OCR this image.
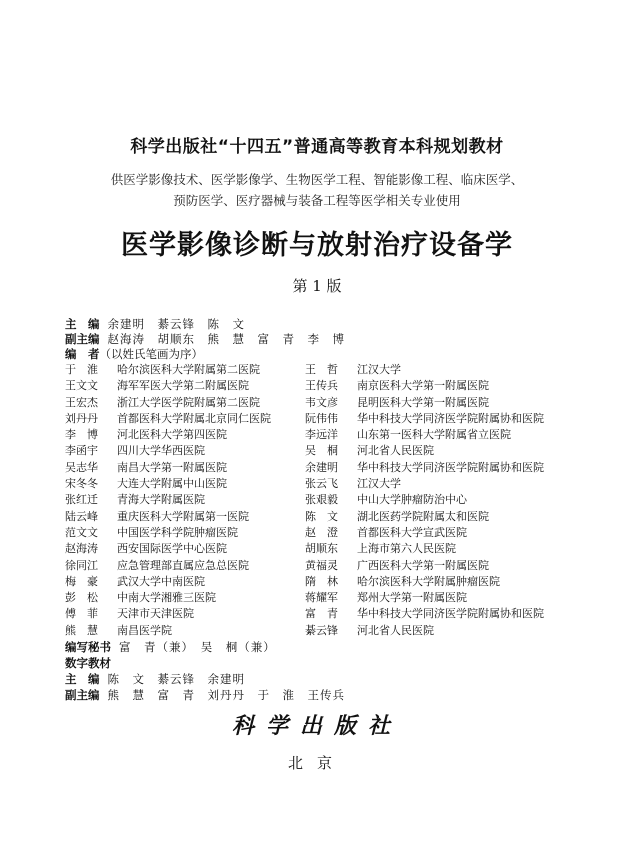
科学出版社“十四五”普通高等教育本科规划教材
供医学影像技术、医学影像学、生物医学工程、智能影像工程、临床医学、
预防医学、医疗器械与装备工程等医学相关专业使用
医学影像诊断与放射治疗设备学
第 1 版
主　编 余建明　綦云锋　陈　文
副主编 赵海涛　胡顺东　熊　慧　富　青　李　博
编　者（以姓氏笔画为序）
于　淮 哈尔滨医科大学附属第二医院	王　哲 江汉大学
王文文 海军军医大学第二附属医院	王传兵 南京医科大学第一附属医院
王宏杰 浙江大学医学院附属第二医院	韦文彦 昆明医科大学第一附属医院
刘丹丹 首都医科大学附属北京同仁医院	阮伟伟 华中科技大学同济医学院附属协和医院
李　博 河北医科大学第四医院	李远洋 山东第一医科大学附属省立医院
李函宇 四川大学华西医院	吴　桐 河北省人民医院
吴志华 南昌大学第一附属医院	余建明 华中科技大学同济医学院附属协和医院
宋冬冬 大连大学附属中山医院	张云飞 江汉大学
张红迁 青海大学附属医院	张艰毅 中山大学肿瘤防治中心
陆云峰 重庆医科大学附属第一医院	陈　文 湖北医药学院附属太和医院
范文文 中国医学科学院肿瘤医院	赵　澄 首都医科大学宣武医院
赵海涛 西安国际医学中心医院	胡顺东 上海市第六人民医院
徐同江 应急管理部直属应急总医院	黄福灵 广西医科大学第一附属医院
梅　豪 武汉大学中南医院	隋　林 哈尔滨医科大学附属肿瘤医院
彭　松 中南大学湘雅三医院	蒋耀军 郑州大学第一附属医院
傅　菲 天津市天津医院	富　青 华中科技大学同济医学院附属协和医院
熊　慧 南昌医学院	綦云锋 河北省人民医院
编写秘书 富　青（兼）　吴　桐（兼）
数字教材
主　编 陈　文　綦云锋　余建明
副主编 熊　慧　富　青　刘丹丹　于　淮　王传兵
科学出版社
北京
